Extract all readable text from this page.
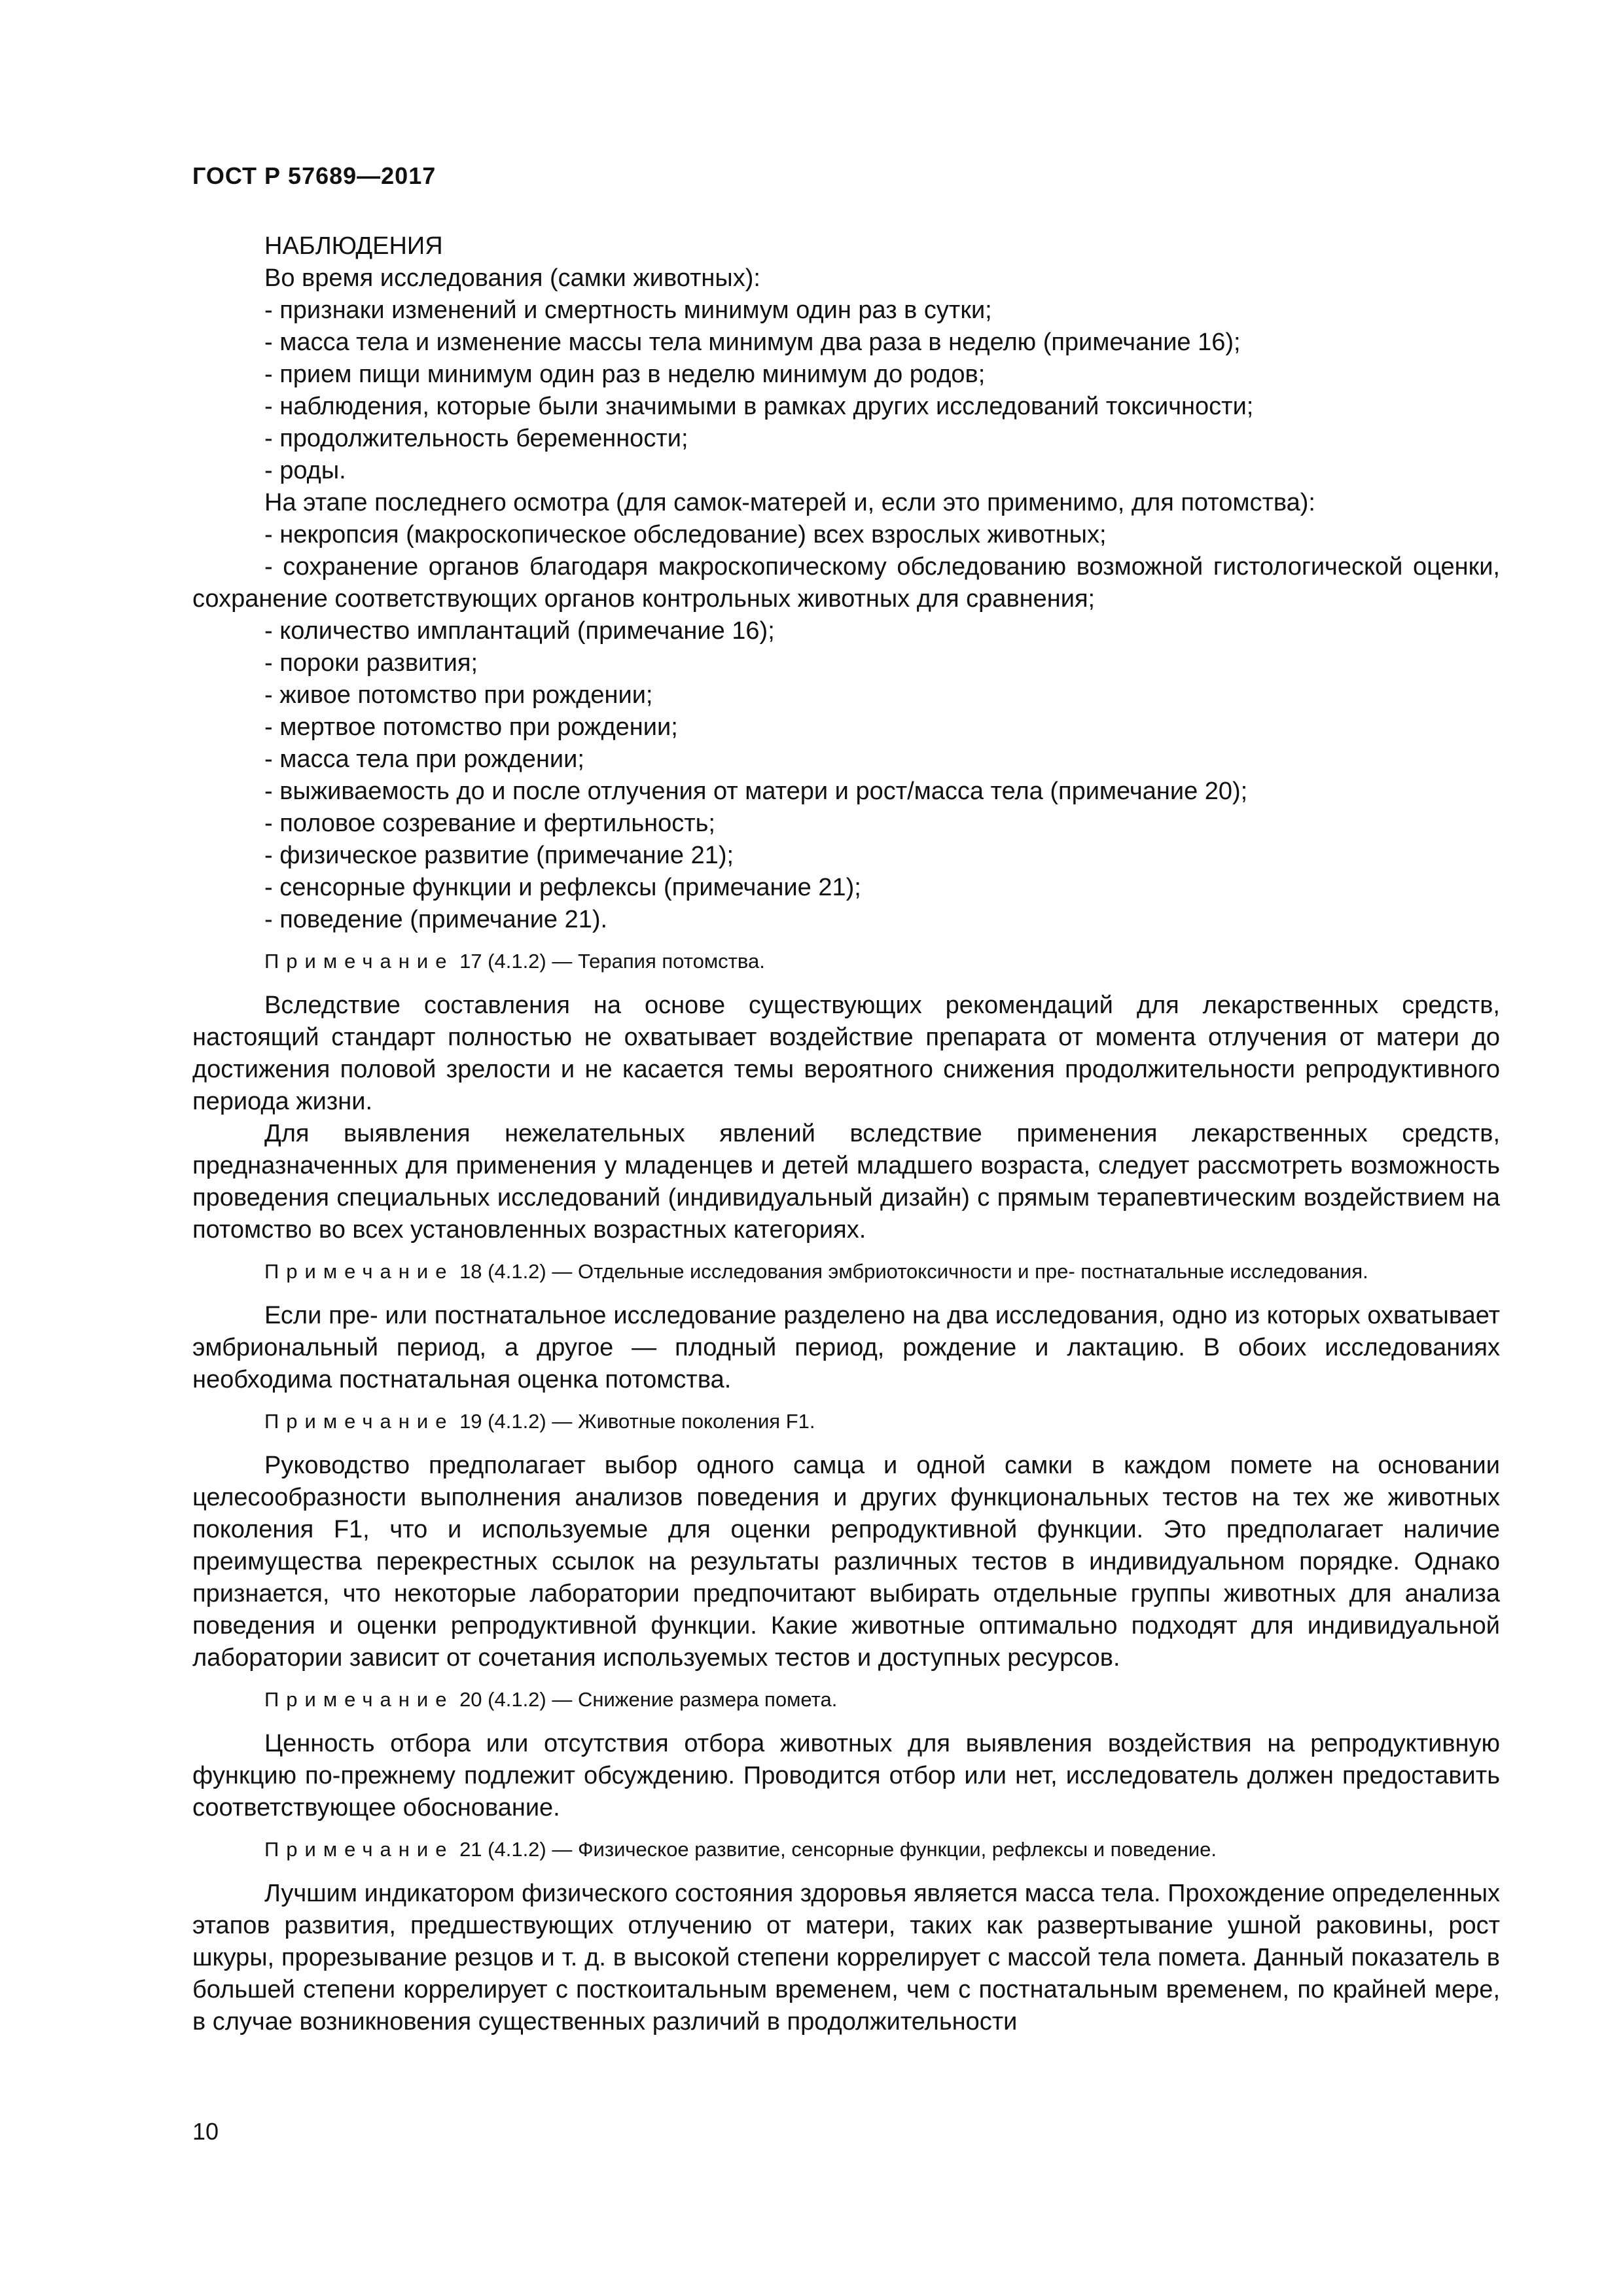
ГОСТ Р 57689—2017

НАБЛЮДЕНИЯ

Во время исследования (самки животных):

- признаки изменений и смертность минимум один раз в сутки;

- масса тела и изменение массы тела минимум два раза в неделю (примечание 16);

- прием пищи минимум один раз в неделю минимум до родов;

- наблюдения, которые были значимыми в рамках других исследований токсичности;

- продолжительность беременности;

- роды.

На этапе последнего осмотра (для самок-матерей и, если это применимо, для потомства):

- некропсия (макроскопическое обследование) всех взрослых животных;

- сохранение органов благодаря макроскопическому обследованию возможной гистологической оценки, сохранение соответствующих органов контрольных животных для сравнения;

- количество имплантаций (примечание 16);

- пороки развития;

- живое потомство при рождении;

- мертвое потомство при рождении;

- масса тела при рождении;

- выживаемость до и после отлучения от матери и рост/масса тела (примечание 20);

- половое созревание и фертильность;

- физическое развитие (примечание 21);

- сенсорные функции и рефлексы (примечание 21);

- поведение (примечание 21).

Примечание 17 (4.1.2) — Терапия потомства.

Вследствие составления на основе существующих рекомендаций для лекарственных средств, настоящий стандарт полностью не охватывает воздействие препарата от момента отлучения от матери до достижения половой зрелости и не касается темы вероятного снижения продолжительности репродуктивного периода жизни.

Для выявления нежелательных явлений вследствие применения лекарственных средств, предназначенных для применения у младенцев и детей младшего возраста, следует рассмотреть возможность проведения специальных исследований (индивидуальный дизайн) с прямым терапевтическим воздействием на потомство во всех установленных возрастных категориях.

Примечание 18 (4.1.2) — Отдельные исследования эмбриотоксичности и пре- постнатальные исследования.

Если пре- или постнатальное исследование разделено на два исследования, одно из которых охватывает эмбриональный период, а другое — плодный период, рождение и лактацию. В обоих исследованиях необходима постнатальная оценка потомства.

Примечание 19 (4.1.2) — Животные поколения F1.

Руководство предполагает выбор одного самца и одной самки в каждом помете на основании целесообразности выполнения анализов поведения и других функциональных тестов на тех же животных поколения F1, что и используемые для оценки репродуктивной функции. Это предполагает наличие преимущества перекрестных ссылок на результаты различных тестов в индивидуальном порядке. Однако признается, что некоторые лаборатории предпочитают выбирать отдельные группы животных для анализа поведения и оценки репродуктивной функции. Какие животные оптимально подходят для индивидуальной лаборатории зависит от сочетания используемых тестов и доступных ресурсов.

Примечание 20 (4.1.2) — Снижение размера помета.

Ценность отбора или отсутствия отбора животных для выявления воздействия на репродуктивную функцию по-прежнему подлежит обсуждению. Проводится отбор или нет, исследователь должен предоставить соответствующее обоснование.

Примечание 21 (4.1.2) — Физическое развитие, сенсорные функции, рефлексы и поведение.

Лучшим индикатором физического состояния здоровья является масса тела. Прохождение определенных этапов развития, предшествующих отлучению от матери, таких как развертывание ушной раковины, рост шкуры, прорезывание резцов и т. д. в высокой степени коррелирует с массой тела помета. Данный показатель в большей степени коррелирует с посткоитальным временем, чем с постнатальным временем, по крайней мере, в случае возникновения существенных различий в продолжительности

10
